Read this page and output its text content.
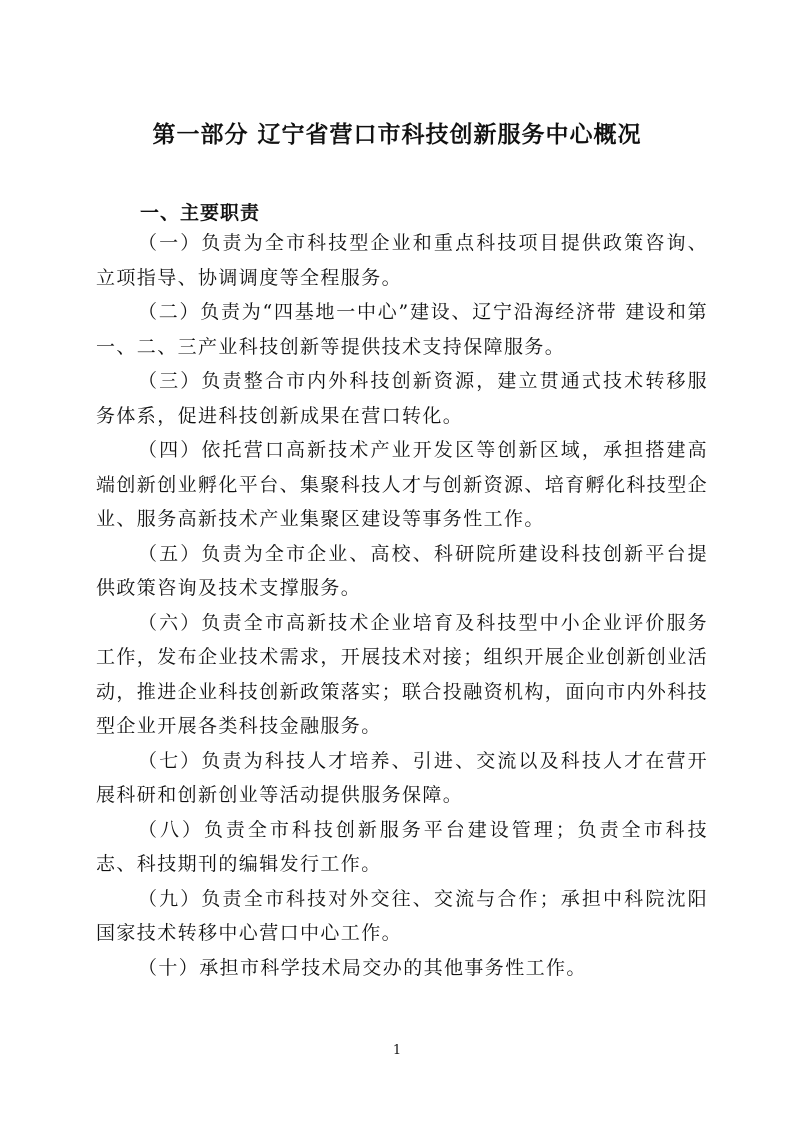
第一部分 辽宁省营口市科技创新服务中心概况
一、主要职责

（一）负责为全市科技型企业和重点科技项目提供政策咨询、立项指导、协调调度等全程服务。

（二）负责为“四基地一中心”建设、辽宁沿海经济带 建设和第一、二、三产业科技创新等提供技术支持保障服务。

（三）负责整合市内外科技创新资源，建立贯通式技术转移服务体系，促进科技创新成果在营口转化。

（四）依托营口高新技术产业开发区等创新区域，承担搭建高端创新创业孵化平台、集聚科技人才与创新资源、培育孵化科技型企业、服务高新技术产业集聚区建设等事务性工作。

（五）负责为全市企业、高校、科研院所建设科技创新平台提供政策咨询及技术支撑服务。

（六）负责全市高新技术企业培育及科技型中小企业评价服务工作，发布企业技术需求，开展技术对接；组织开展企业创新创业活动，推进企业科技创新政策落实；联合投融资机构，面向市内外科技型企业开展各类科技金融服务。

（七）负责为科技人才培养、引进、交流以及科技人才在营开展科研和创新创业等活动提供服务保障。

（八）负责全市科技创新服务平台建设管理；负责全市科技志、科技期刊的编辑发行工作。

（九）负责全市科技对外交往、交流与合作；承担中科院沈阳国家技术转移中心营口中心工作。

（十）承担市科学技术局交办的其他事务性工作。

1
